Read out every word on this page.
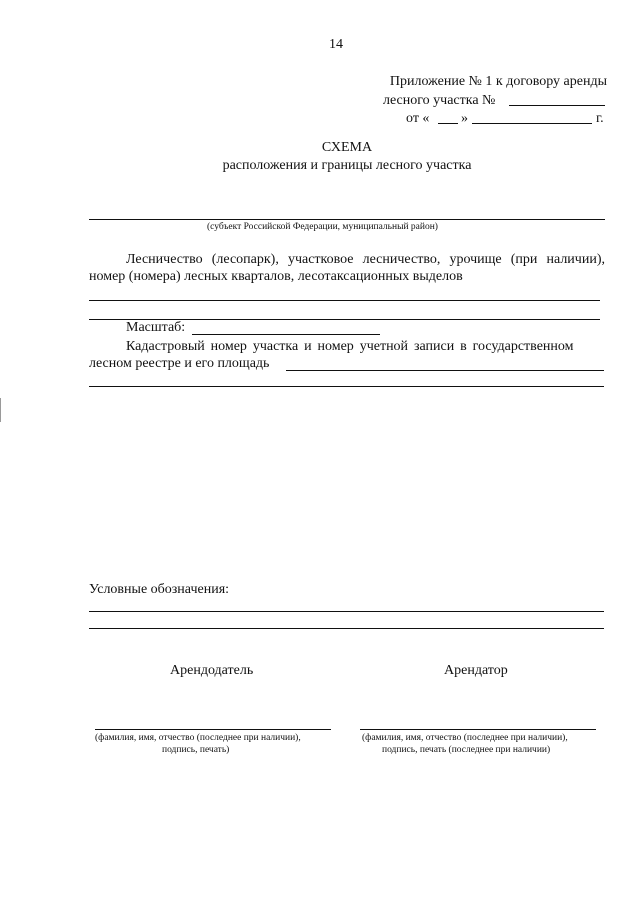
14
Приложение № 1 к договору аренды
лесного участка №
от « »	г.
СХЕМА
расположения и границы лесного участка
(субъект Российской Федерации, муниципальный район)
Лесничество (лесопарк), участковое лесничество, урочище (при наличии), номер (номера) лесных кварталов, лесотаксационных выделов
Масштаб:
Кадастровый номер участка и номер учетной записи в государственном
лесном реестре и его площадь
Условные обозначения:
Арендодатель	Арендатор
(фамилия, имя, отчество (последнее при наличии),
подпись, печать)
(фамилия, имя, отчество (последнее при наличии),
подпись, печать (последнее при наличии)
